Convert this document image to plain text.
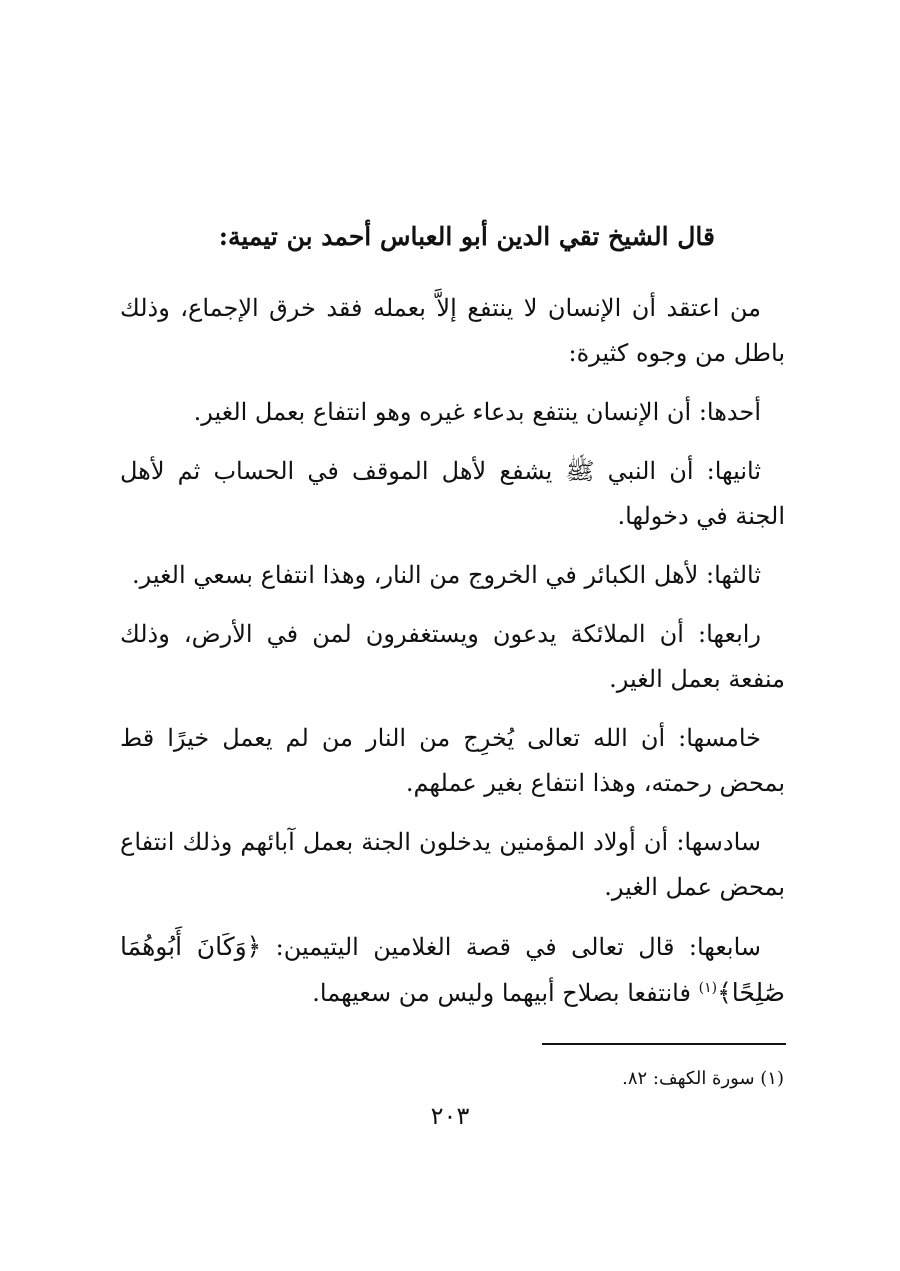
قال الشيخ تقي الدين أبو العباس أحمد بن تيمية:

من اعتقد أن الإنسان لا ينتفع إلاَّ بعمله فقد خرق الإجماع، وذلك باطل من وجوه كثيرة:

أحدها: أن الإنسان ينتفع بدعاء غيره وهو انتفاع بعمل الغير.

ثانيها: أن النبي ﷺ يشفع لأهل الموقف في الحساب ثم لأهل الجنة في دخولها.

ثالثها: لأهل الكبائر في الخروج من النار، وهذا انتفاع بسعي الغير.

رابعها: أن الملائكة يدعون ويستغفرون لمن في الأرض، وذلك منفعة بعمل الغير.

خامسها: أن الله تعالى يُخرِج من النار من لم يعمل خيرًا قط بمحض رحمته، وهذا انتفاع بغير عملهم.

سادسها: أن أولاد المؤمنين يدخلون الجنة بعمل آبائهم وذلك انتفاع بمحض عمل الغير.

سابعها: قال تعالى في قصة الغلامين اليتيمين: ﴿وَكَانَ أَبُوهُمَا صَٰلِحًا﴾$^{(١)}$ فانتفعا بصلاح أبيهما وليس من سعيهما.

(١) سورة الكهف: ٨٢.
٢٠٣
